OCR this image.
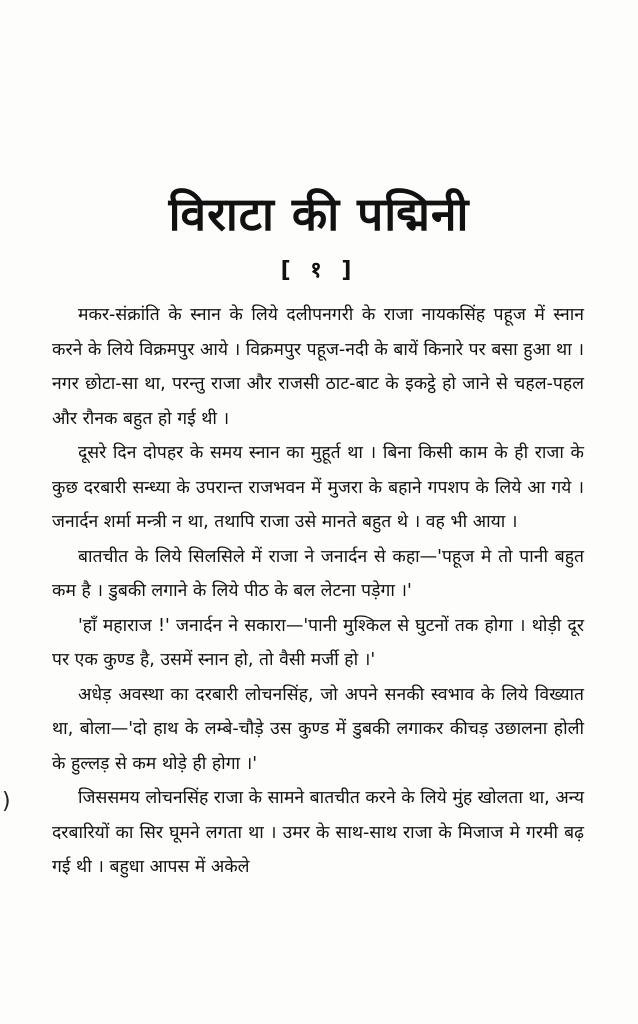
विराटा की पद्मिनी
[ १ ]

मकर-संक्रांति के स्नान के लिये दलीपनगरी के राजा नायकसिंह पहूज में स्नान करने के लिये विक्रमपुर आये । विक्रमपुर पहूज-नदी के बायें किनारे पर बसा हुआ था । नगर छोटा-सा था, परन्तु राजा और राजसी ठाट-बाट के इकट्ठे हो जाने से चहल-पहल और रौनक बहुत हो गई थी ।

दूसरे दिन दोपहर के समय स्नान का मुहूर्त था । बिना किसी काम के ही राजा के कुछ दरबारी सन्ध्या के उपरान्त राजभवन में मुजरा के बहाने गपशप के लिये आ गये । जनार्दन शर्मा मन्त्री न था, तथापि राजा उसे मानते बहुत थे । वह भी आया ।

बातचीत के लिये सिलसिले में राजा ने जनार्दन से कहा—'पहूज मे तो पानी बहुत कम है । डुबकी लगाने के लिये पीठ के बल लेटना पड़ेगा ।'

'हाँ महाराज !' जनार्दन ने सकारा—'पानी मुश्किल से घुटनों तक होगा । थोड़ी दूर पर एक कुण्ड है, उसमें स्नान हो, तो वैसी मर्जी हो ।'

अधेड़ अवस्था का दरबारी लोचनसिंह, जो अपने सनकी स्वभाव के लिये विख्यात था, बोला—'दो हाथ के लम्बे-चौड़े उस कुण्ड में डुबकी लगाकर कीचड़ उछालना होली के हुल्लड़ से कम थोड़े ही होगा ।'

जिससमय लोचनसिंह राजा के सामने बातचीत करने के लिये मुंह खोलता था, अन्य दरबारियों का सिर घूमने लगता था । उमर के साथ-साथ राजा के मिजाज मे गरमी बढ़ गई थी । बहुधा आपस में अकेले

)
